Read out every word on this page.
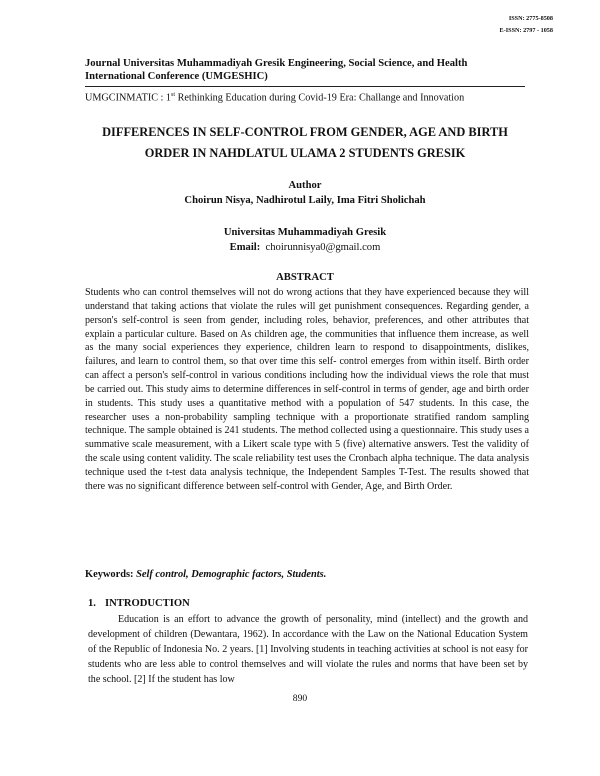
ISSN: 2775-8508
E-ISSN: 2797 - 1058
Journal Universitas Muhammadiyah Gresik Engineering, Social Science, and Health International Conference (UMGESHIC)
UMGCINMATIC : 1st Rethinking Education during Covid-19 Era: Challange and Innovation
DIFFERENCES IN SELF-CONTROL FROM GENDER, AGE AND BIRTH ORDER IN NAHDLATUL ULAMA 2 STUDENTS GRESIK
Author
Choirun Nisya, Nadhirotul Laily, Ima Fitri Sholichah
Universitas Muhammadiyah Gresik
Email: choirunnisya0@gmail.com
ABSTRACT

Students who can control themselves will not do wrong actions that they have experienced because they will understand that taking actions that violate the rules will get punishment consequences. Regarding gender, a person's self-control is seen from gender, including roles, behavior, preferences, and other attributes that explain a particular culture. Based on As children age, the communities that influence them increase, as well as the many social experiences they experience, children learn to respond to disappointments, dislikes, failures, and learn to control them, so that over time this self- control emerges from within itself. Birth order can affect a person's self-control in various conditions including how the individual views the role that must be carried out. This study aims to determine differences in self-control in terms of gender, age and birth order in students. This study uses a quantitative method with a population of 547 students. In this case, the researcher uses a non-probability sampling technique with a proportionate stratified random sampling technique. The sample obtained is 241 students. The method collected using a questionnaire. This study uses a summative scale measurement, with a Likert scale type with 5 (five) alternative answers. Test the validity of the scale using content validity. The scale reliability test uses the Cronbach alpha technique. The data analysis technique used the t-test data analysis technique, the Independent Samples T-Test. The results showed that there was no significant difference between self-control with Gender, Age, and Birth Order.

Keywords: Self control, Demographic factors, Students.
1. INTRODUCTION

Education is an effort to advance the growth of personality, mind (intellect) and the growth and development of children (Dewantara, 1962). In accordance with the Law on the National Education System of the Republic of Indonesia No. 2 years. [1] Involving students in teaching activities at school is not easy for students who are less able to control themselves and will violate the rules and norms that have been set by the school. [2] If the student has low

890
